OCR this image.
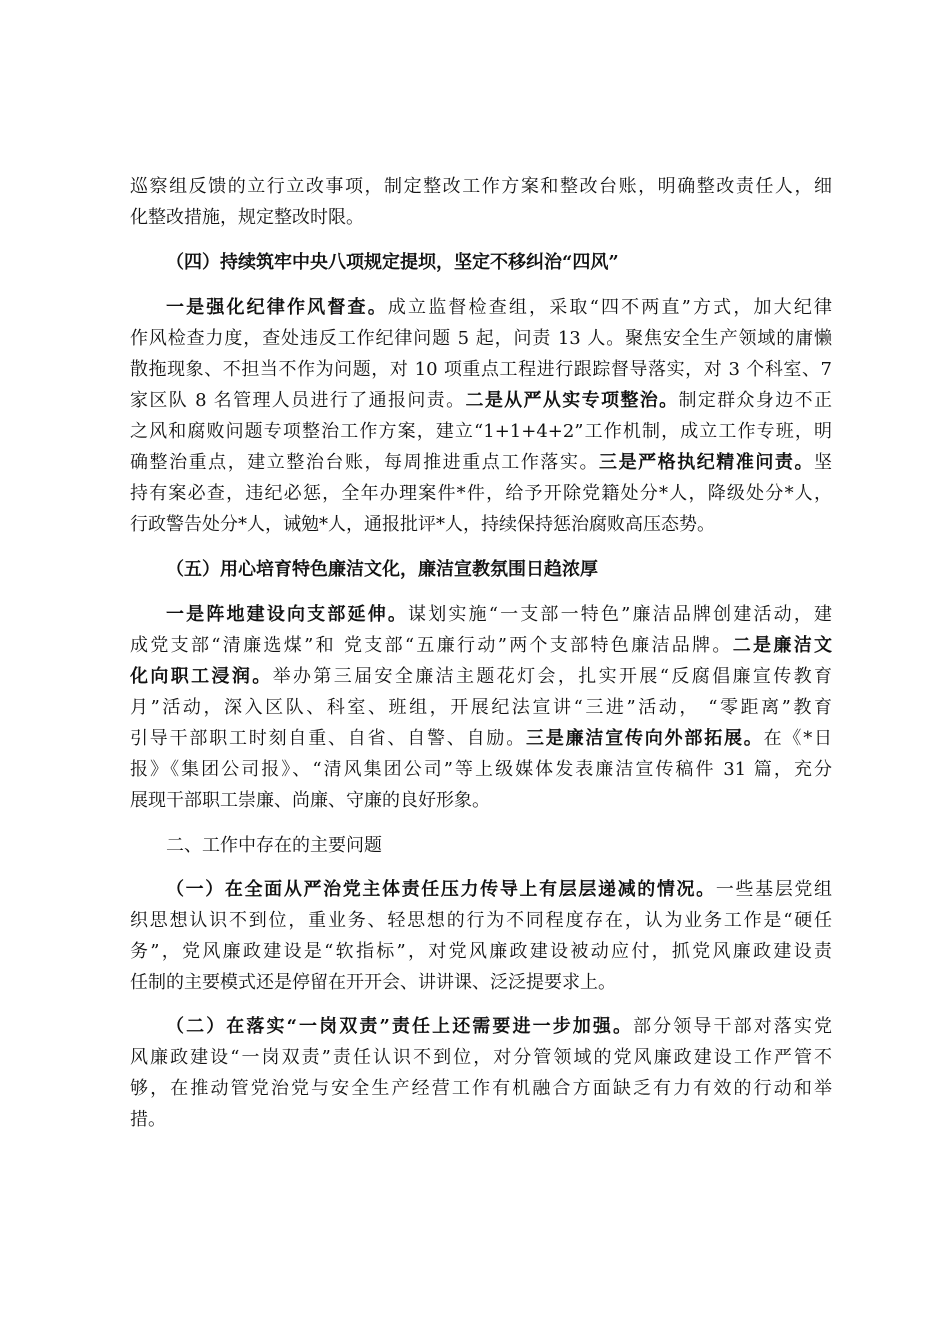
巡察组反馈的立行立改事项，制定整改工作方案和整改台账，明确整改责任人，细
化整改措施，规定整改时限。
（四）持续筑牢中央八项规定提坝，坚定不移纠治“四风”
一是强化纪律作风督查。成立监督检查组，采取“四不两直”方式，加大纪律
作风检查力度，查处违反工作纪律问题 5 起，问责 13 人。聚焦安全生产领域的庸懒
散拖现象、不担当不作为问题，对 10 项重点工程进行跟踪督导落实，对 3 个科室、7
家区队 8 名管理人员进行了通报问责。二是从严从实专项整治。制定群众身边不正
之风和腐败问题专项整治工作方案，建立“1+1+4+2”工作机制，成立工作专班，明
确整治重点，建立整治台账，每周推进重点工作落实。三是严格执纪精准问责。坚
持有案必查，违纪必惩，全年办理案件*件，给予开除党籍处分*人，降级处分*人，
行政警告处分*人，诫勉*人，通报批评*人，持续保持惩治腐败高压态势。
（五）用心培育特色廉洁文化，廉洁宣教氛围日趋浓厚
一是阵地建设向支部延伸。谋划实施“一支部一特色”廉洁品牌创建活动，建
成党支部“清廉选煤”和 党支部“五廉行动”两个支部特色廉洁品牌。二是廉洁文
化向职工浸润。举办第三届安全廉洁主题花灯会，扎实开展“反腐倡廉宣传教育
月”活动，深入区队、科室、班组，开展纪法宣讲“三进”活动， “零距离”教育
引导干部职工时刻自重、自省、自警、自励。三是廉洁宣传向外部拓展。在《*日
报》《集团公司报》、“清风集团公司”等上级媒体发表廉洁宣传稿件 31 篇，充分
展现干部职工崇廉、尚廉、守廉的良好形象。
二、工作中存在的主要问题
（一）在全面从严治党主体责任压力传导上有层层递减的情况。一些基层党组
织思想认识不到位，重业务、轻思想的行为不同程度存在，认为业务工作是“硬任
务”，党风廉政建设是“软指标”，对党风廉政建设被动应付，抓党风廉政建设责
任制的主要模式还是停留在开开会、讲讲课、泛泛提要求上。
（二）在落实“一岗双责”责任上还需要进一步加强。部分领导干部对落实党
风廉政建设“一岗双责”责任认识不到位，对分管领域的党风廉政建设工作严管不
够，在推动管党治党与安全生产经营工作有机融合方面缺乏有力有效的行动和举
措。
